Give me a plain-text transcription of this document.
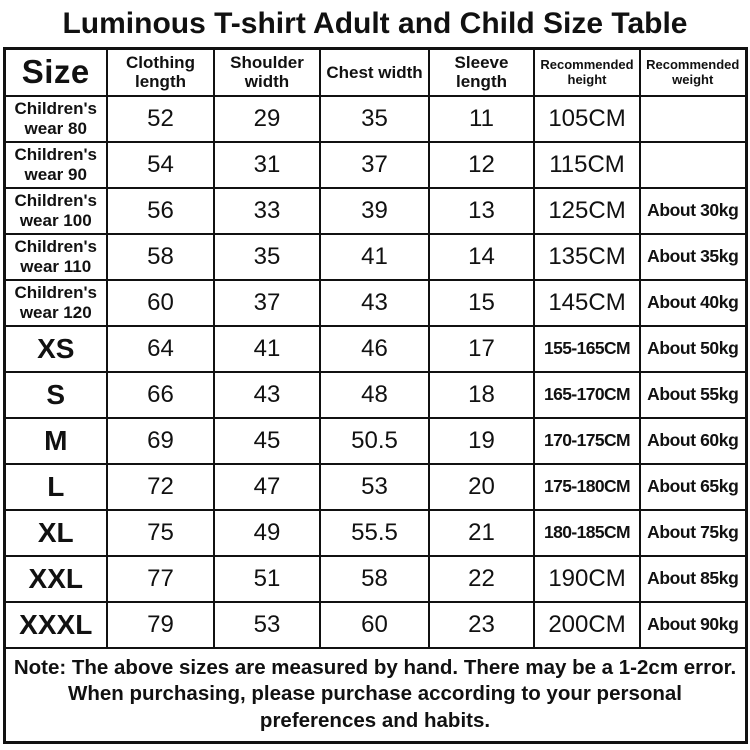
Luminous T-shirt Adult and Child Size Table
Size	Clothing length	Shoulder width	Chest width	Sleeve length	Recommended height	Recommended weight
Children's wear 80	52	29	35	11	105CM	
Children's wear 90	54	31	37	12	115CM	
Children's wear 100	56	33	39	13	125CM	About 30kg
Children's wear 110	58	35	41	14	135CM	About 35kg
Children's wear 120	60	37	43	15	145CM	About 40kg
XS	64	41	46	17	155-165CM	About 50kg
S	66	43	48	18	165-170CM	About 55kg
M	69	45	50.5	19	170-175CM	About 60kg
L	72	47	53	20	175-180CM	About 65kg
XL	75	49	55.5	21	180-185CM	About 75kg
XXL	77	51	58	22	190CM	About 85kg
XXXL	79	53	60	23	200CM	About 90kg
Note: The above sizes are measured by hand. There may be a 1-2cm error. When purchasing, please purchase according to your personal preferences and habits.						
